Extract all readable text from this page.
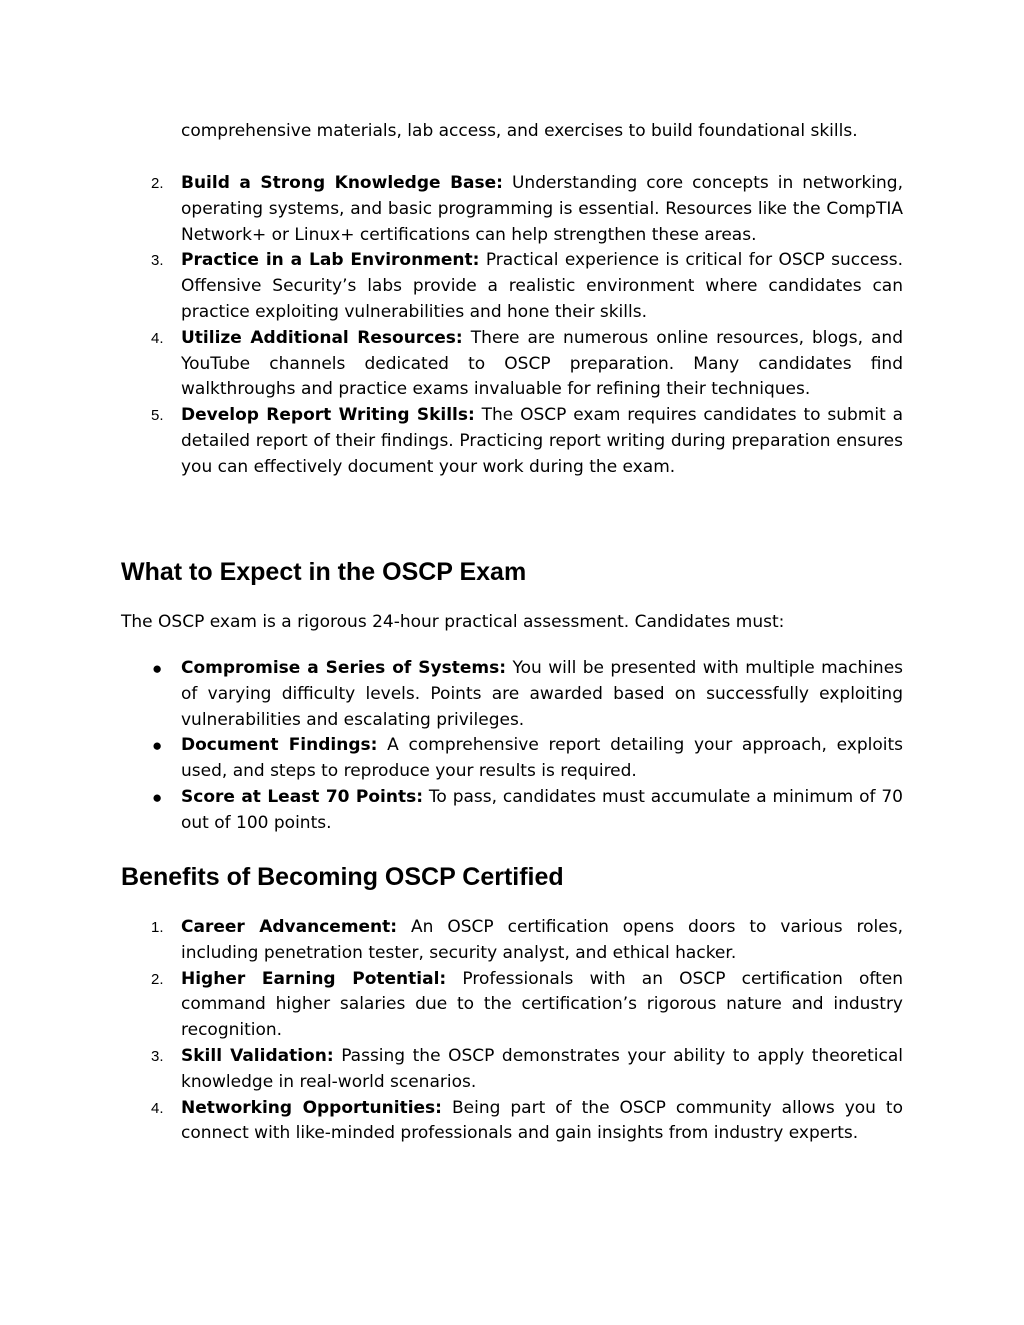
comprehensive materials, lab access, and exercises to build foundational skills.

2.	Build a Strong Knowledge Base: Understanding core concepts in networking, operating systems, and basic programming is essential. Resources like the CompTIA Network+ or Linux+ certifications can help strengthen these areas.
3.	Practice in a Lab Environment: Practical experience is critical for OSCP success. Offensive Security’s labs provide a realistic environment where candidates can practice exploiting vulnerabilities and hone their skills.
4.	Utilize Additional Resources: There are numerous online resources, blogs, and YouTube channels dedicated to OSCP preparation. Many candidates find walkthroughs and practice exams invaluable for refining their techniques.
5.	Develop Report Writing Skills: The OSCP exam requires candidates to submit a detailed report of their findings. Practicing report writing during preparation ensures you can effectively document your work during the exam.
What to Expect in the OSCP Exam

The OSCP exam is a rigorous 24-hour practical assessment. Candidates must:

●	Compromise a Series of Systems: You will be presented with multiple machines of varying difficulty levels. Points are awarded based on successfully exploiting vulnerabilities and escalating privileges.
●	Document Findings: A comprehensive report detailing your approach, exploits used, and steps to reproduce your results is required.
●	Score at Least 70 Points: To pass, candidates must accumulate a minimum of 70 out of 100 points.
Benefits of Becoming OSCP Certified
1.	Career Advancement: An OSCP certification opens doors to various roles, including penetration tester, security analyst, and ethical hacker.
2.	Higher Earning Potential: Professionals with an OSCP certification often command higher salaries due to the certification’s rigorous nature and industry recognition.
3.	Skill Validation: Passing the OSCP demonstrates your ability to apply theoretical knowledge in real-world scenarios.
4.	Networking Opportunities: Being part of the OSCP community allows you to connect with like-minded professionals and gain insights from industry experts.
